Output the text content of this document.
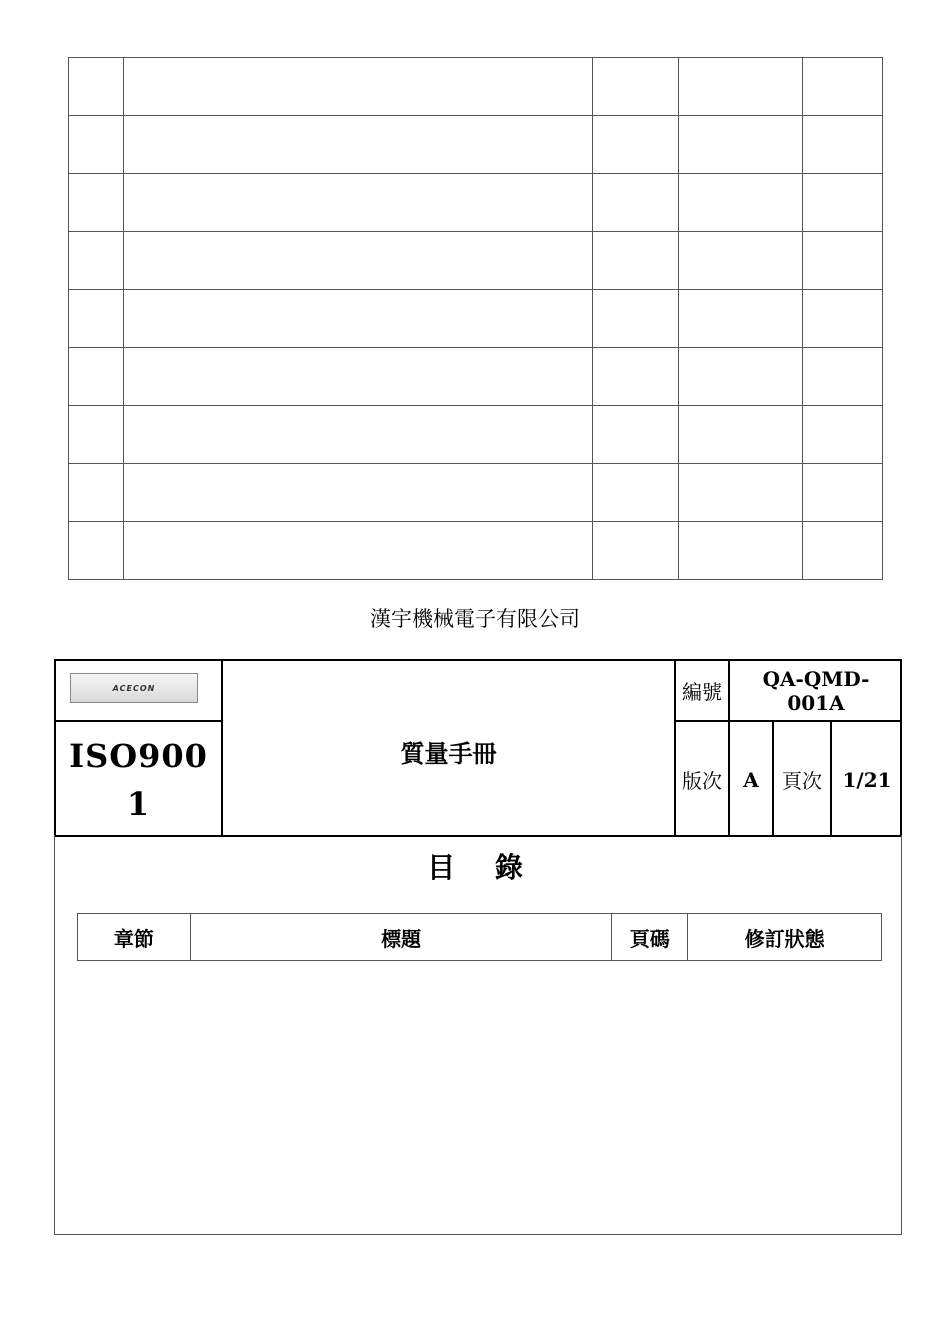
漢宇機械電子有限公司
ACECON
ISO9001
質量手冊
編號
QA-QMD-001A
版次 A 頁次 1/21
目 錄
章節	標題	頁碼	修訂狀態
